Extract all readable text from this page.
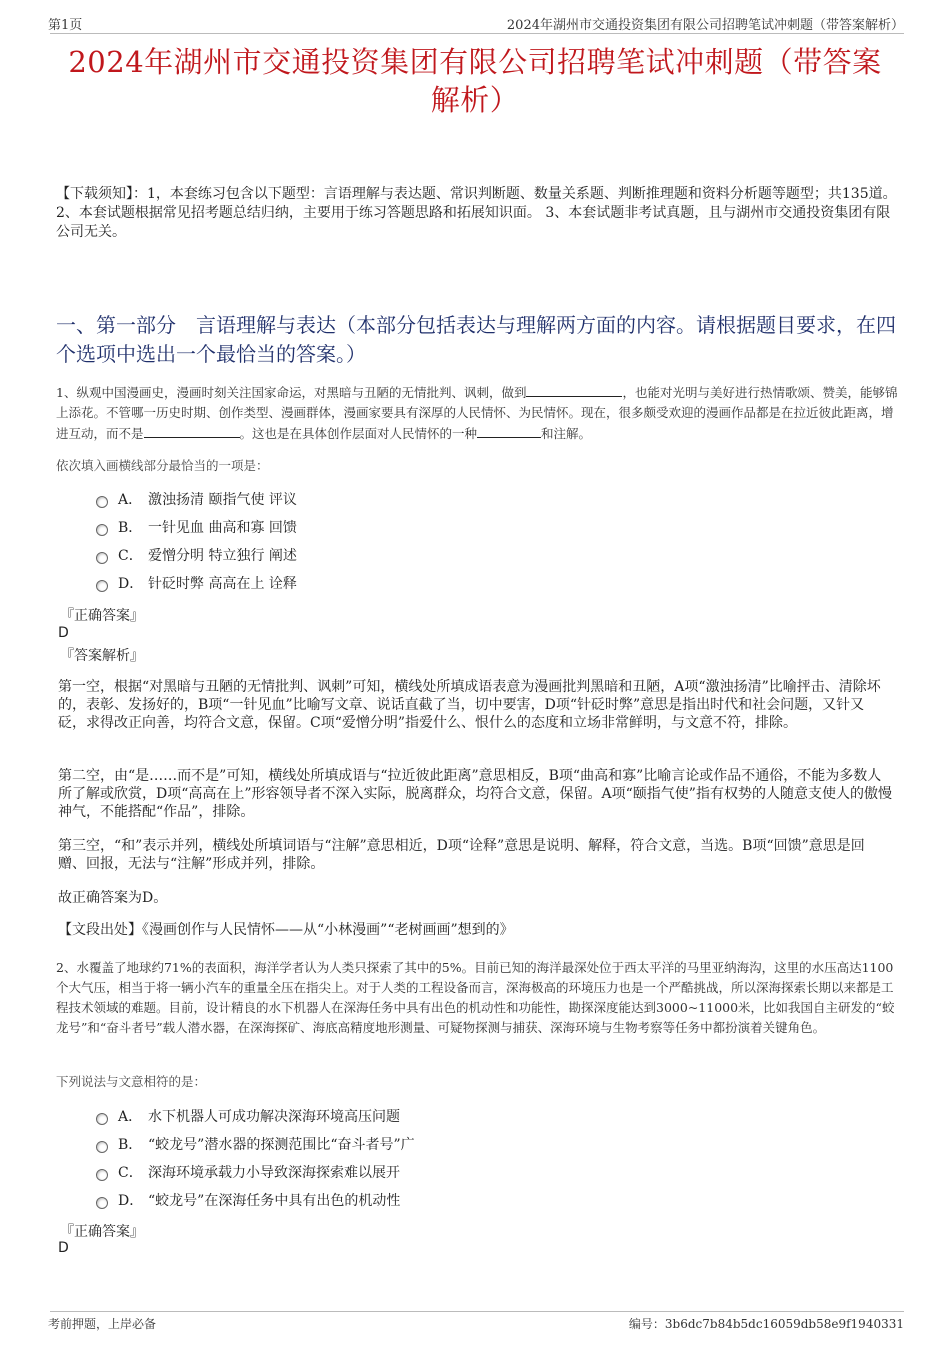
第1页	2024年湖州市交通投资集团有限公司招聘笔试冲刺题（带答案解析）
2024年湖州市交通投资集团有限公司招聘笔试冲刺题（带答案
解析）
【下载须知】：1，本套练习包含以下题型：言语理解与表达题、常识判断题、数量关系题、判断推理题和资料分析题等题型；共135道。 2、本套试题根据常见招考题总结归纳，主要用于练习答题思路和拓展知识面。 3、本套试题非考试真题，且与湖州市交通投资集团有限公司无关。
一、第一部分　言语理解与表达（本部分包括表达与理解两方面的内容。请根据题目要求，在四个选项中选出一个最恰当的答案。）
1、纵观中国漫画史，漫画时刻关注国家命运，对黑暗与丑陋的无情批判、讽刺，做到	，也能对光明与美好进行热情歌颂、赞美，能够锦上添花。不管哪一历史时期、创作类型、漫画群体，漫画家要具有深厚的人民情怀、为民情怀。现在，很多颇受欢迎的漫画作品都是在拉近彼此距离，增进互动，而不是	。这也是在具体创作层面对人民情怀的一种	和注解。
依次填入画横线部分最恰当的一项是：
A． 激浊扬清 颐指气使 评议
B． 一针见血 曲高和寡 回馈
C． 爱憎分明 特立独行 阐述
D． 针砭时弊 高高在上 诠释
『正确答案』
D
『答案解析』
第一空，根据“对黑暗与丑陋的无情批判、讽刺”可知，横线处所填成语表意为漫画批判黑暗和丑陋，A项“激浊扬清”比喻抨击、清除坏的，表彰、发扬好的，B项“一针见血”比喻写文章、说话直截了当，切中要害，D项“针砭时弊”意思是指出时代和社会问题，又针又砭，求得改正向善，均符合文意，保留。C项“爱憎分明”指爱什么、恨什么的态度和立场非常鲜明，与文意不符，排除。
第二空，由“是……而不是”可知，横线处所填成语与“拉近彼此距离”意思相反，B项“曲高和寡”比喻言论或作品不通俗，不能为多数人所了解或欣赏，D项“高高在上”形容领导者不深入实际，脱离群众，均符合文意，保留。A项“颐指气使”指有权势的人随意支使人的傲慢神气，不能搭配“作品”，排除。
第三空，“和”表示并列，横线处所填词语与“注解”意思相近，D项“诠释”意思是说明、解释，符合文意，当选。B项“回馈”意思是回赠、回报，无法与“注解”形成并列，排除。
故正确答案为D。
【文段出处】《漫画创作与人民情怀——从“小林漫画”“老树画画”想到的》
2、水覆盖了地球约71%的表面积，海洋学者认为人类只探索了其中的5%。目前已知的海洋最深处位于西太平洋的马里亚纳海沟，这里的水压高达1100个大气压，相当于将一辆小汽车的重量全压在指尖上。对于人类的工程设备而言，深海极高的环境压力也是一个严酷挑战，所以深海探索长期以来都是工程技术领域的难题。目前，设计精良的水下机器人在深海任务中具有出色的机动性和功能性，勘探深度能达到3000~11000米，比如我国自主研发的“蛟龙号”和“奋斗者号”载人潜水器，在深海探矿、海底高精度地形测量、可疑物探测与捕获、深海环境与生物考察等任务中都扮演着关键角色。
下列说法与文意相符的是：
A． 水下机器人可成功解决深海环境高压问题
B． “蛟龙号”潜水器的探测范围比“奋斗者号”广
C． 深海环境承载力小导致深海探索难以展开
D． “蛟龙号”在深海任务中具有出色的机动性
『正确答案』
D
考前押题，上岸必备	编号：3b6dc7b84b5dc16059db58e9f1940331
